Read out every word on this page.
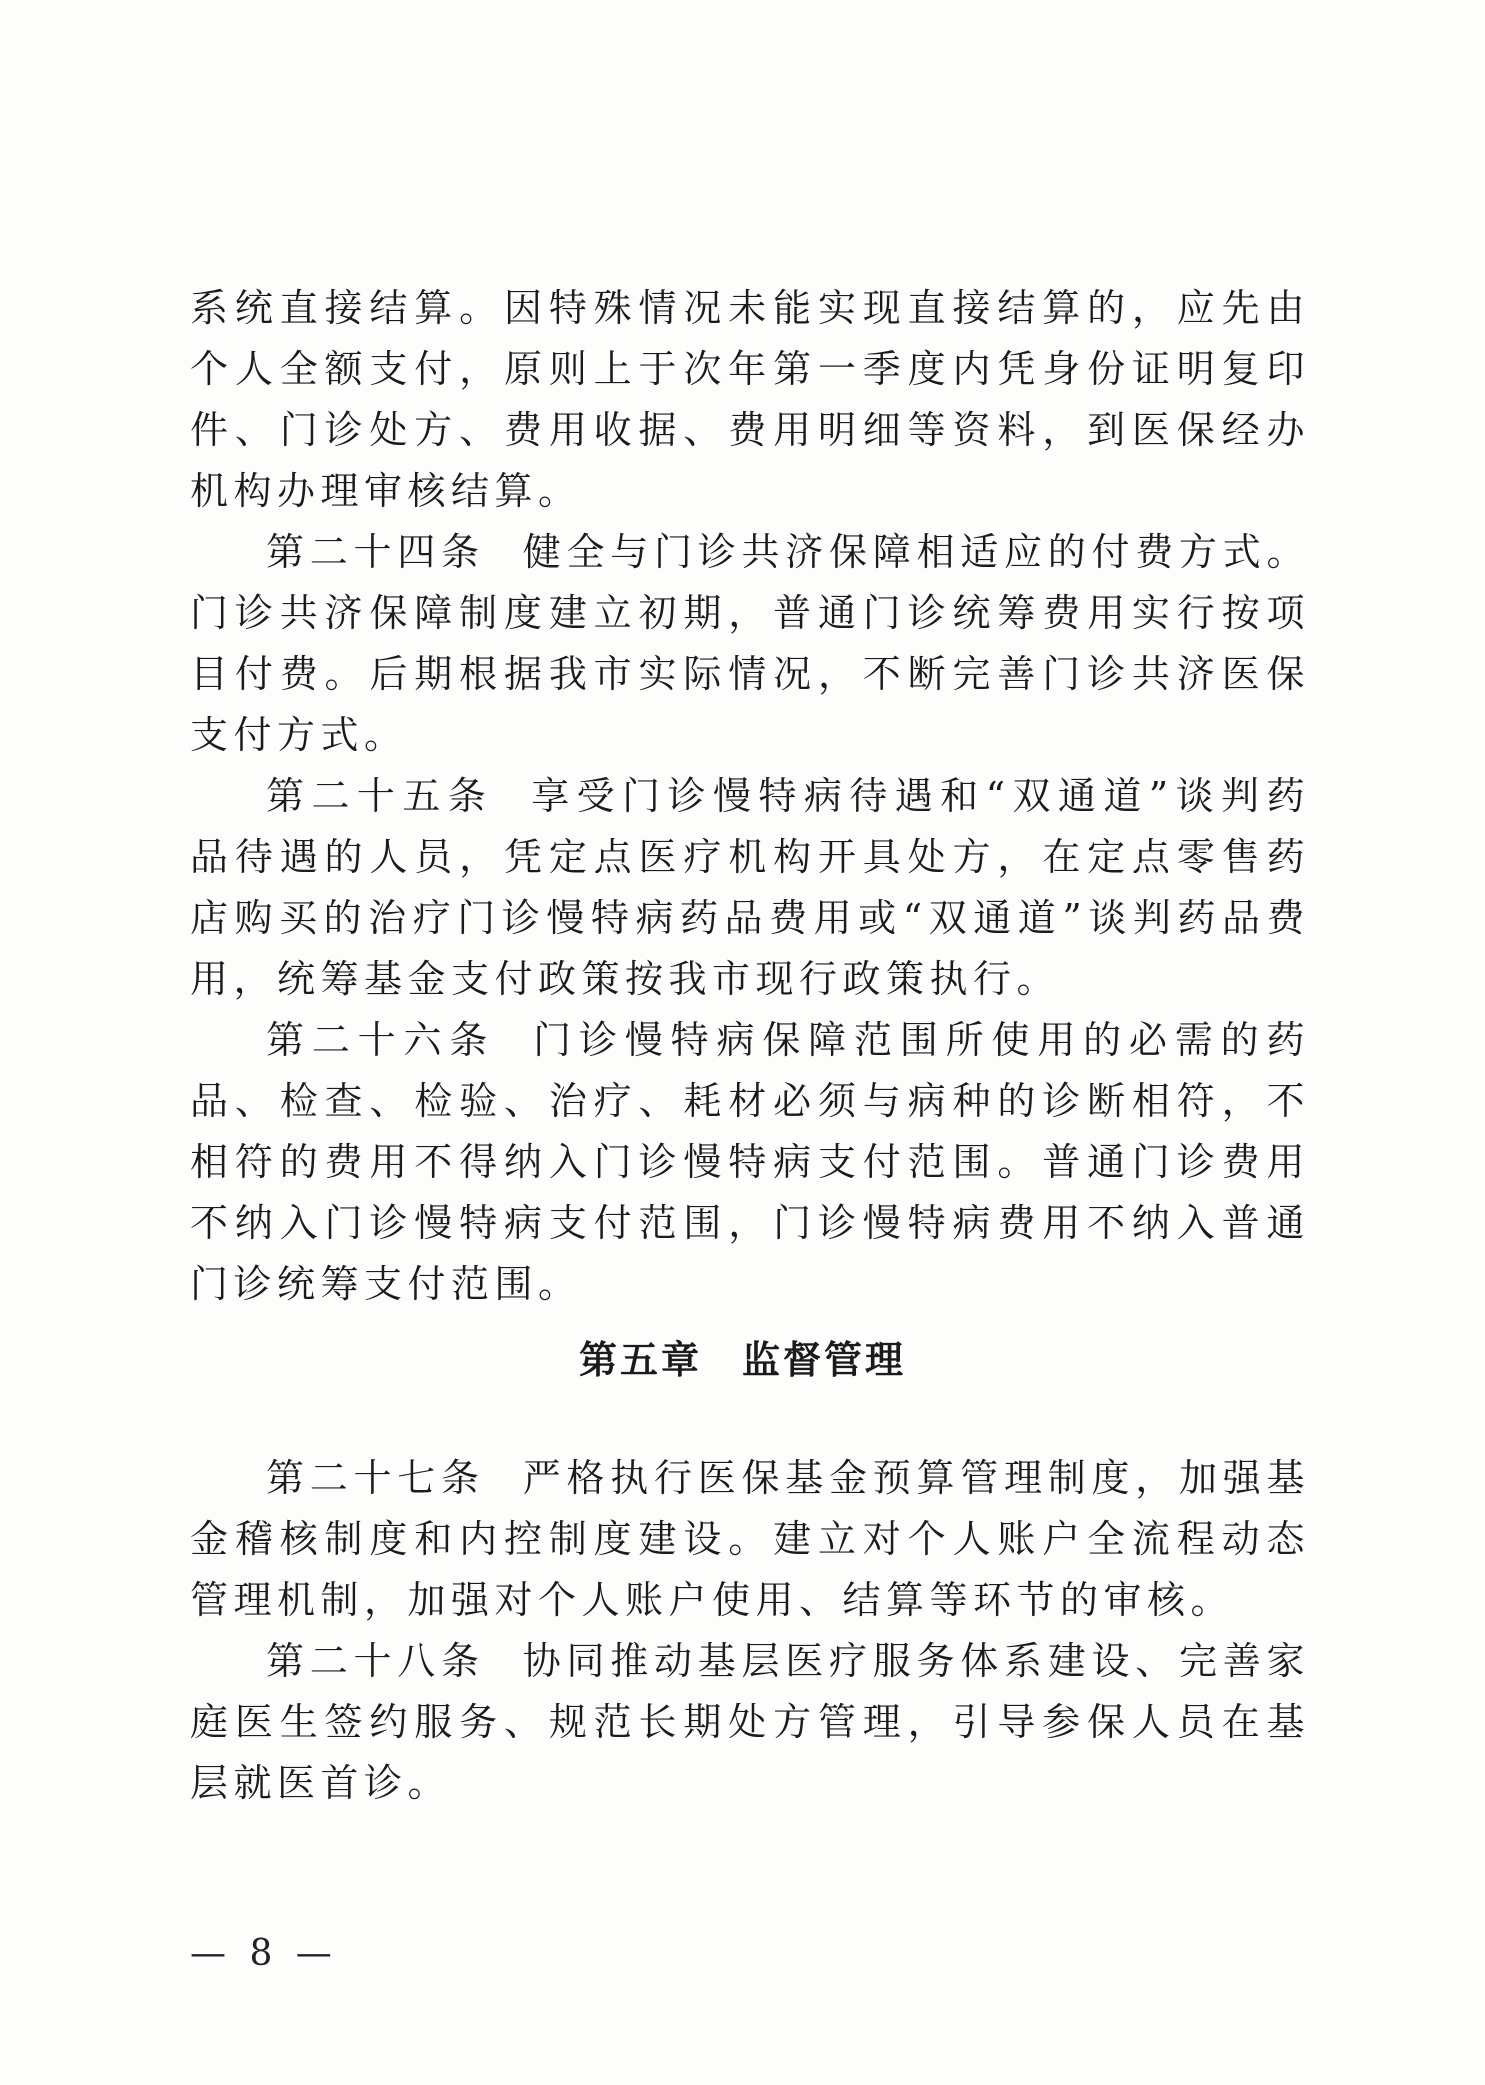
系统直接结算。因特殊情况未能实现直接结算的，应先由个人全额支付，原则上于次年第一季度内凭身份证明复印件、门诊处方、费用收据、费用明细等资料，到医保经办机构办理审核结算。

第二十四条 健全与门诊共济保障相适应的付费方式。门诊共济保障制度建立初期，普通门诊统筹费用实行按项目付费。后期根据我市实际情况，不断完善门诊共济医保支付方式。

第二十五条 享受门诊慢特病待遇和“双通道”谈判药品待遇的人员，凭定点医疗机构开具处方，在定点零售药店购买的治疗门诊慢特病药品费用或“双通道”谈判药品费用，统筹基金支付政策按我市现行政策执行。

第二十六条 门诊慢特病保障范围所使用的必需的药品、检查、检验、治疗、耗材必须与病种的诊断相符，不相符的费用不得纳入门诊慢特病支付范围。普通门诊费用不纳入门诊慢特病支付范围，门诊慢特病费用不纳入普通门诊统筹支付范围。

第五章 监督管理

第二十七条 严格执行医保基金预算管理制度，加强基金稽核制度和内控制度建设。建立对个人账户全流程动态管理机制，加强对个人账户使用、结算等环节的审核。

第二十八条 协同推动基层医疗服务体系建设、完善家庭医生签约服务、规范长期处方管理，引导参保人员在基层就医首诊。

— 8 —
